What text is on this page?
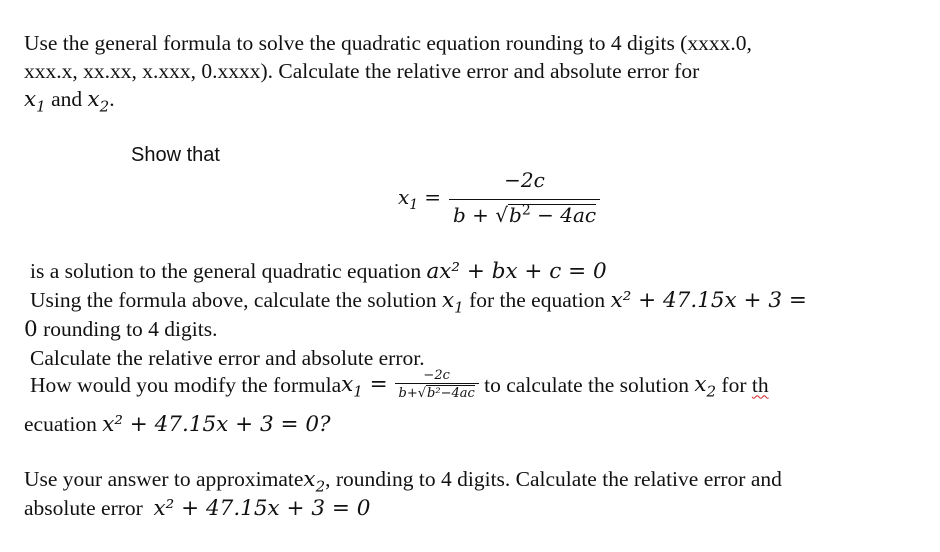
Use the general formula to solve the quadratic equation rounding to 4 digits (xxxx.0,
xxx.x, xx.xx, x.xxx, 0.xxxx). Calculate the relative error and absolute error for
$x_1$ and $x_2$.
Show that
$x_1 = \frac{-2c}{b + √b^2 - 4ac}$
is a solution to the general quadratic equation ax² + bx + c = 0
Using the formula above, calculate the solution $x_1$ for the equation x² + 47.15x + 3 =
0 rounding to 4 digits.
Calculate the relative error and absolute error.
How would you modify the formula $x_1 = \frac{-2c}{\text{b+√b²−4ac}}$ to calculate the solution $x_2$ for th
ecuation x² + 47.15x + 3 = 0?
Use your answer to approximatex$_2$, rounding to 4 digits. Calculate the relative error and
absolute error  x² + 47.15x + 3 = 0
